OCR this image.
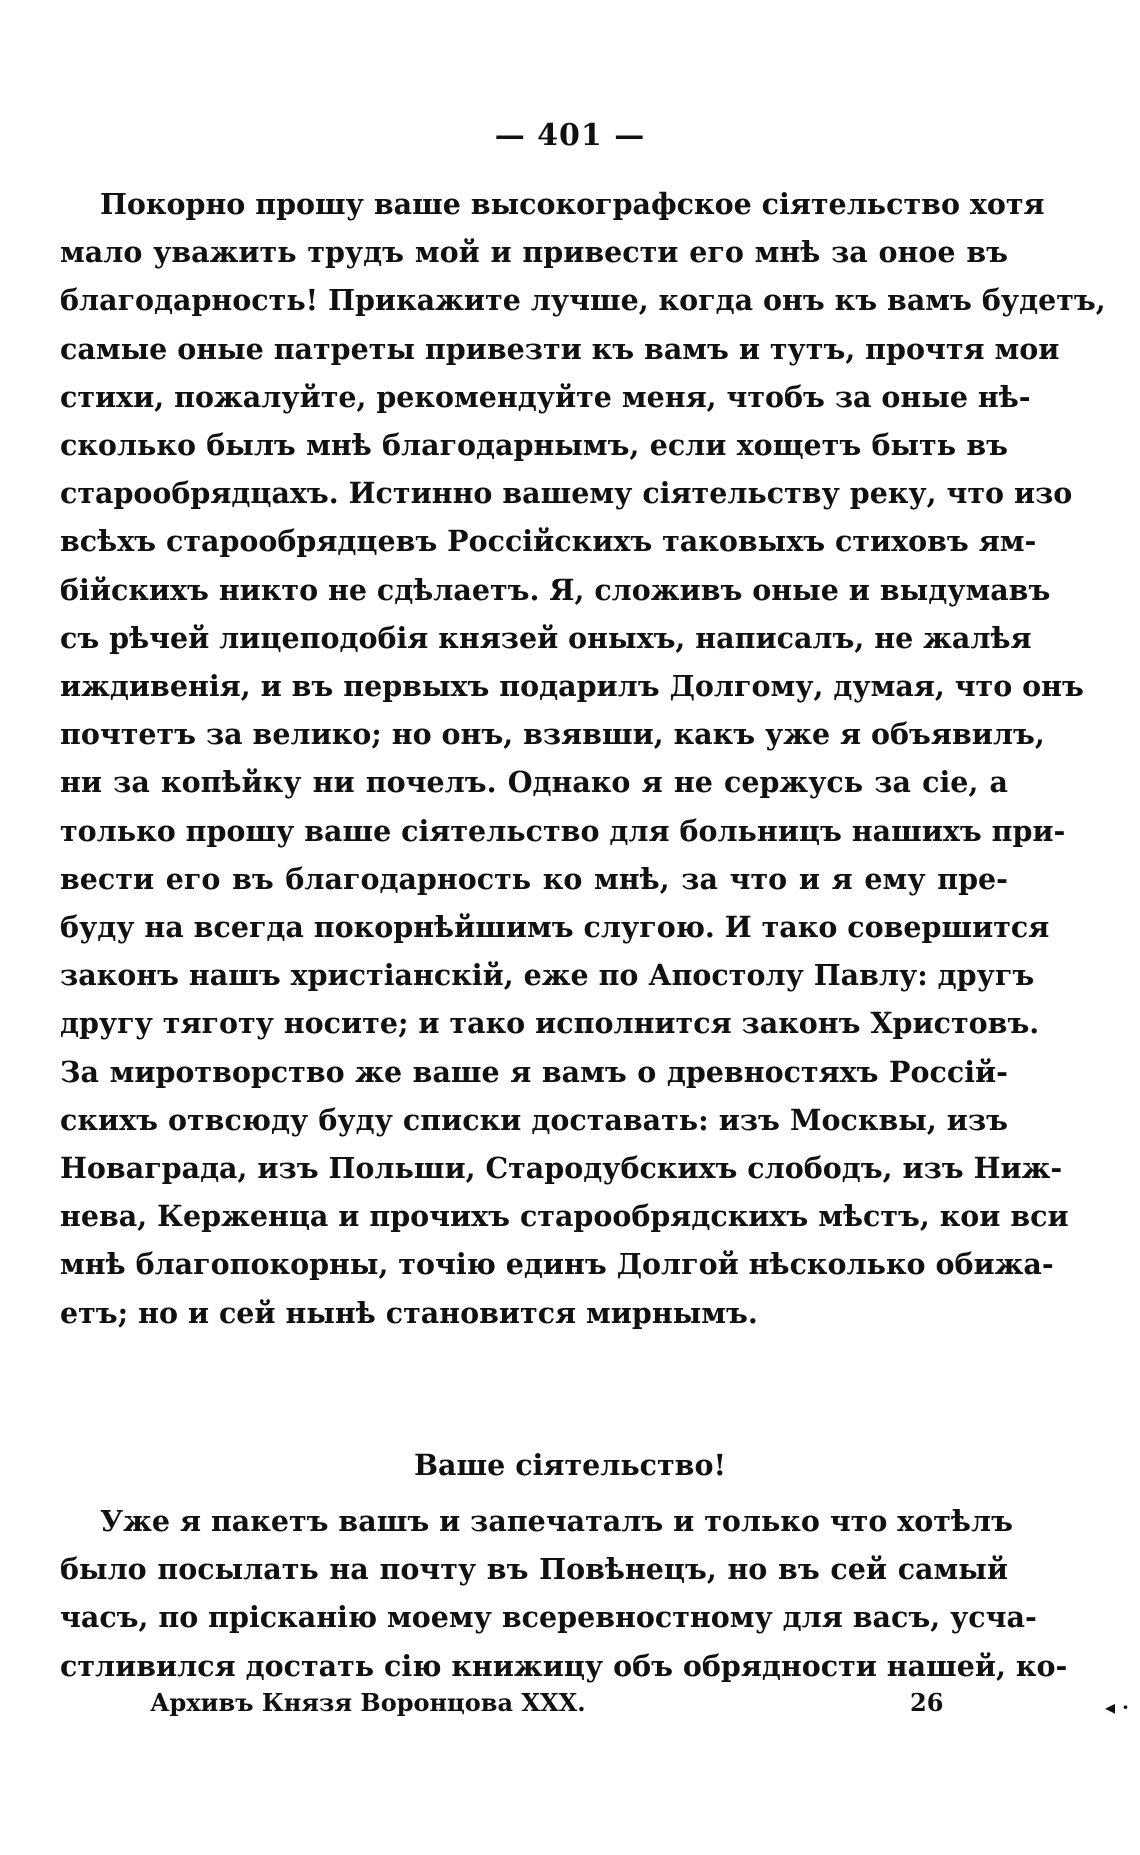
— 401 —
Покорно прошу ваше высокографское сіятельство хотя
мало уважить трудъ мой и привести его мнѣ за оное въ
благодарность! Прикажите лучше, когда онъ къ вамъ будетъ,
самые оные патреты привезти къ вамъ и тутъ, прочтя мои
стихи, пожалуйте, рекомендуйте меня, чтобъ за оные нѣ-
сколько былъ мнѣ благодарнымъ, если хощетъ быть въ
старообрядцахъ. Истинно вашему сіятельству реку, что изо
всѣхъ старообрядцевъ Россійскихъ таковыхъ стиховъ ям-
бійскихъ никто не сдѣлаетъ. Я, сложивъ оные и выдумавъ
съ рѣчей лицеподобія князей оныхъ, написалъ, не жалѣя
иждивенія, и въ первыхъ подарилъ Долгому, думая, что онъ
почтетъ за велико; но онъ, взявши, какъ уже я объявилъ,
ни за копѣйку ни почелъ. Однако я не сержусь за сіе, а
только прошу ваше сіятельство для больницъ нашихъ при-
вести его въ благодарность ко мнѣ, за что и я ему пре-
буду на всегда покорнѣйшимъ слугою. И тако совершится
законъ нашъ христіанскій, еже по Апостолу Павлу: другъ
другу тяготу носите; и тако исполнится законъ Христовъ.
За миротворство же ваше я вамъ о древностяхъ Россій-
скихъ отвсюду буду списки доставать: изъ Москвы, изъ
Новаграда, изъ Польши, Стародубскихъ слободъ, изъ Ниж-
нева, Керженца и прочихъ старообрядскихъ мѣстъ, кои вси
мнѣ благопокорны, точію единъ Долгой нѣсколько обижа-
етъ; но и сей нынѣ становится мирнымъ.
Ваше сіятельство!
Уже я пакетъ вашъ и запечаталъ и только что хотѣлъ
было посылать на почту въ Повѣнецъ, но въ сей самый
часъ, по прісканію моему всеревностному для васъ, усча-
стливился достать сію книжицу объ обрядности нашей, ко-
Архивъ Князя Воронцова XXX.	26	◂ ·
